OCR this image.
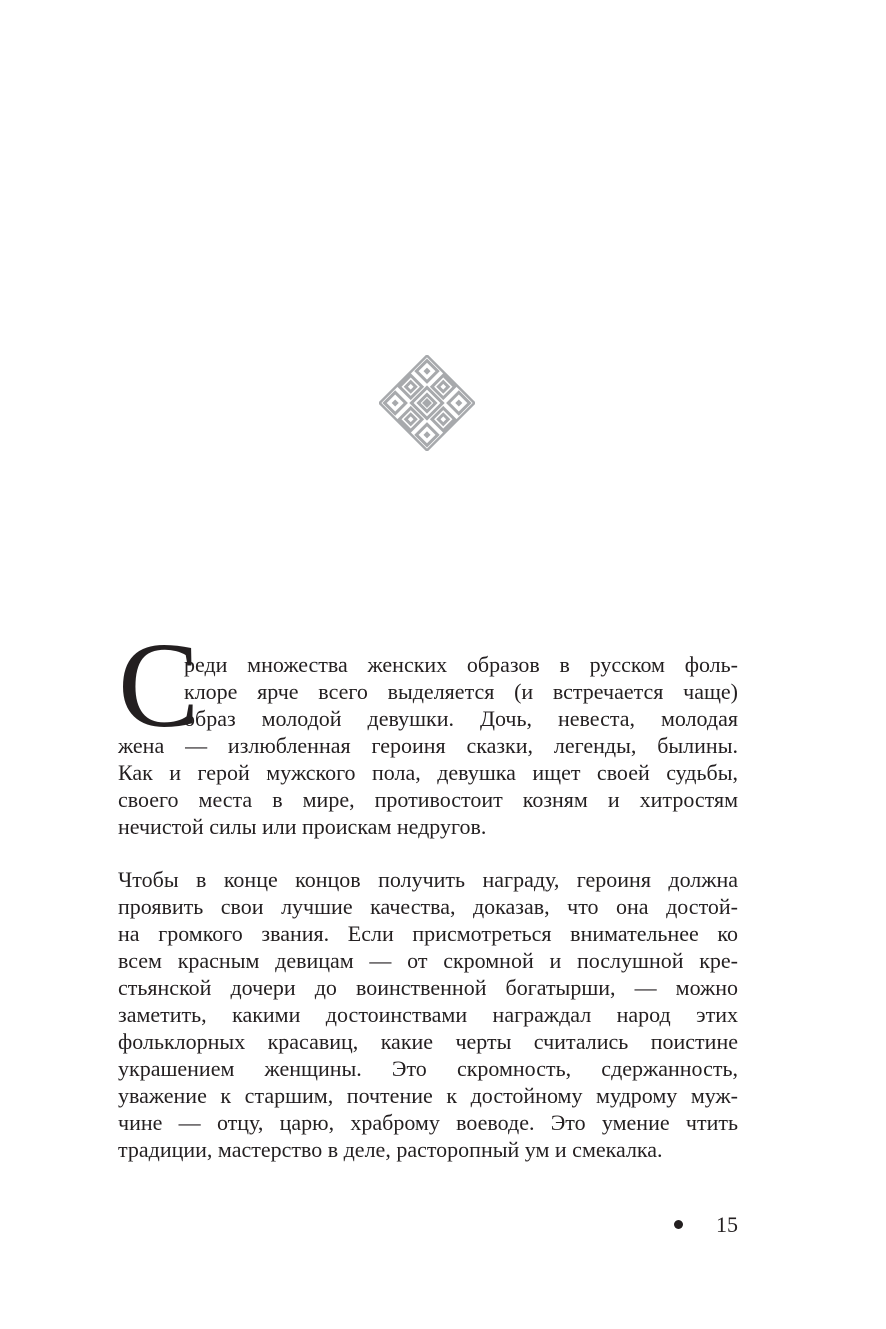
С
реди множества женских образов в русском фоль-
клоре ярче всего выделяется (и встречается чаще)
образ молодой девушки. Дочь, невеста, молодая
жена — излюбленная героиня сказки, легенды, былины.
Как и герой мужского пола, девушка ищет своей судьбы,
своего места в мире, противостоит козням и хитростям
нечистой силы или проискам недругов.
Чтобы в конце концов получить награду, героиня должна
проявить свои лучшие качества, доказав, что она достой-
на громкого звания. Если присмотреться внимательнее ко
всем красным девицам — от скромной и послушной кре-
стьянской дочери до воинственной богатырши, — можно
заметить, какими достоинствами награждал народ этих
фольклорных красавиц, какие черты считались поистине
украшением женщины. Это скромность, сдержанность,
уважение к старшим, почтение к достойному мудрому муж-
чине — отцу, царю, храброму воеводе. Это умение чтить
традиции, мастерство в деле, расторопный ум и смекалка.
15
